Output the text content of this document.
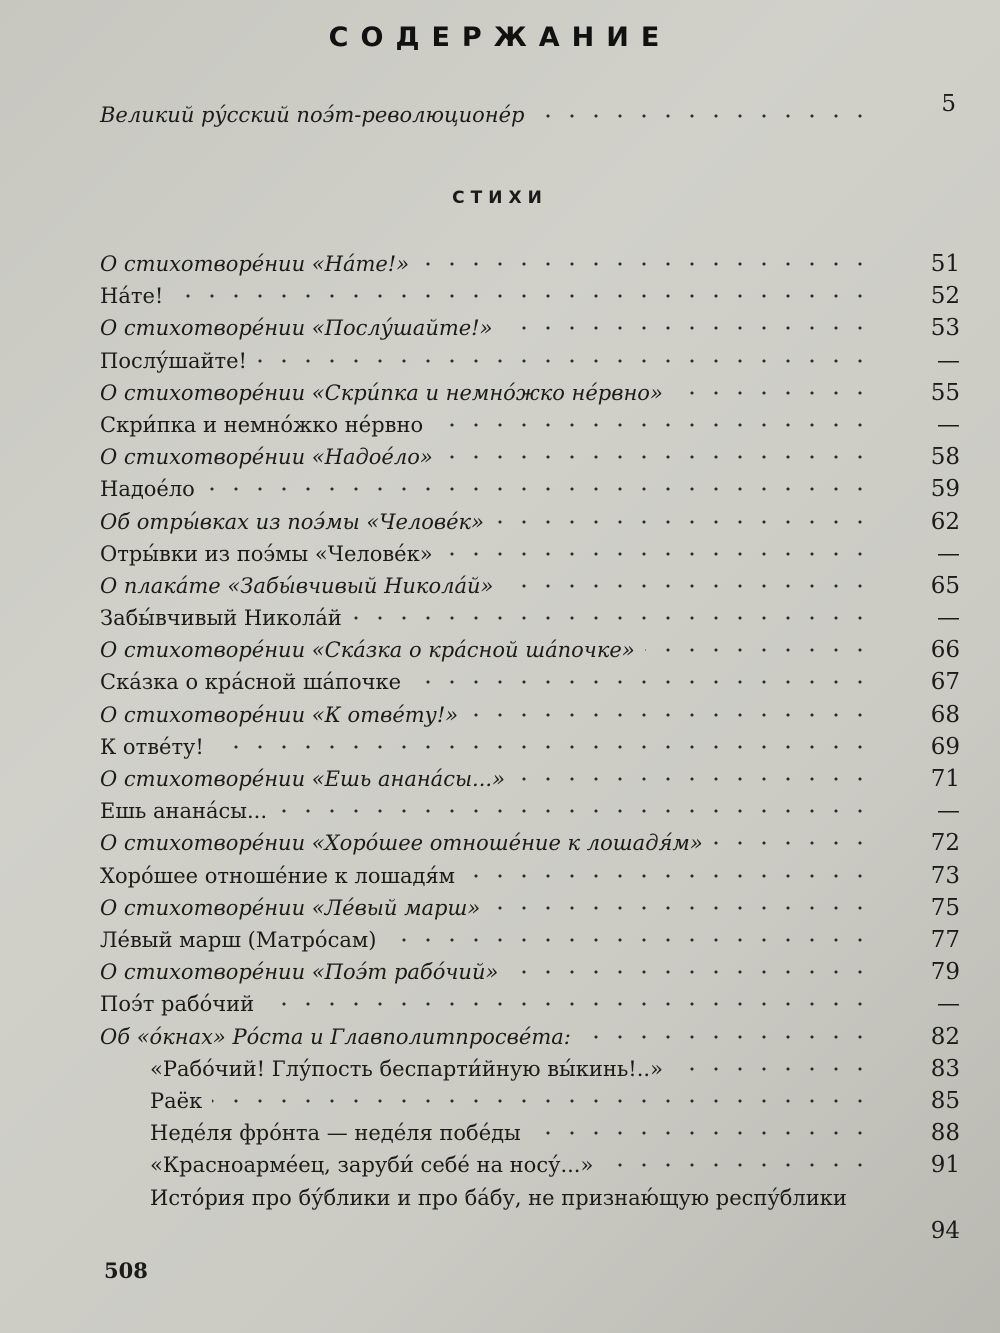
СОДЕРЖАНИЕ
Великий ру́сский поэ́т-революционе́р	5
СТИХИ
О стихотворе́нии «На́те!»	51
На́те!	52
О стихотворе́нии «Послу́шайте!»	53
Послу́шайте!	—
О стихотворе́нии «Скри́пка и немно́жко не́рвно»	55
Скри́пка и немно́жко не́рвно	—
О стихотворе́нии «Надое́ло»	58
Надое́ло	59
Об отры́вках из поэ́мы «Челове́к»	62
Отры́вки из поэ́мы «Челове́к»	—
О плака́те «Забы́вчивый Никола́й»	65
Забы́вчивый Никола́й	—
О стихотворе́нии «Ска́зка о кра́сной ша́почке»	66
Ска́зка о кра́сной ша́почке	67
О стихотворе́нии «К отве́ту!»	68
К отве́ту!	69
О стихотворе́нии «Ешь анана́сы...»	71
Ешь анана́сы...	—
О стихотворе́нии «Хоро́шее отноше́ние к лошадя́м»	72
Хоро́шее отноше́ние к лошадя́м	73
О стихотворе́нии «Ле́вый марш»	75
Ле́вый марш (Матро́сам)	77
О стихотворе́нии «Поэ́т рабо́чий»	79
Поэ́т рабо́чий	—
Об «о́кнах» Ро́ста и Главполитпросве́та:	82
«Рабо́чий! Глу́пость беспарти́йную вы́кинь!..»	83
Раёк	85
Неде́ля фро́нта — неде́ля побе́ды	88
«Красноарме́ец, заруби́ себе́ на носу́...»	91
Исто́рия про бу́блики и про ба́бу, не признаю́щую респу́блики
94
508
